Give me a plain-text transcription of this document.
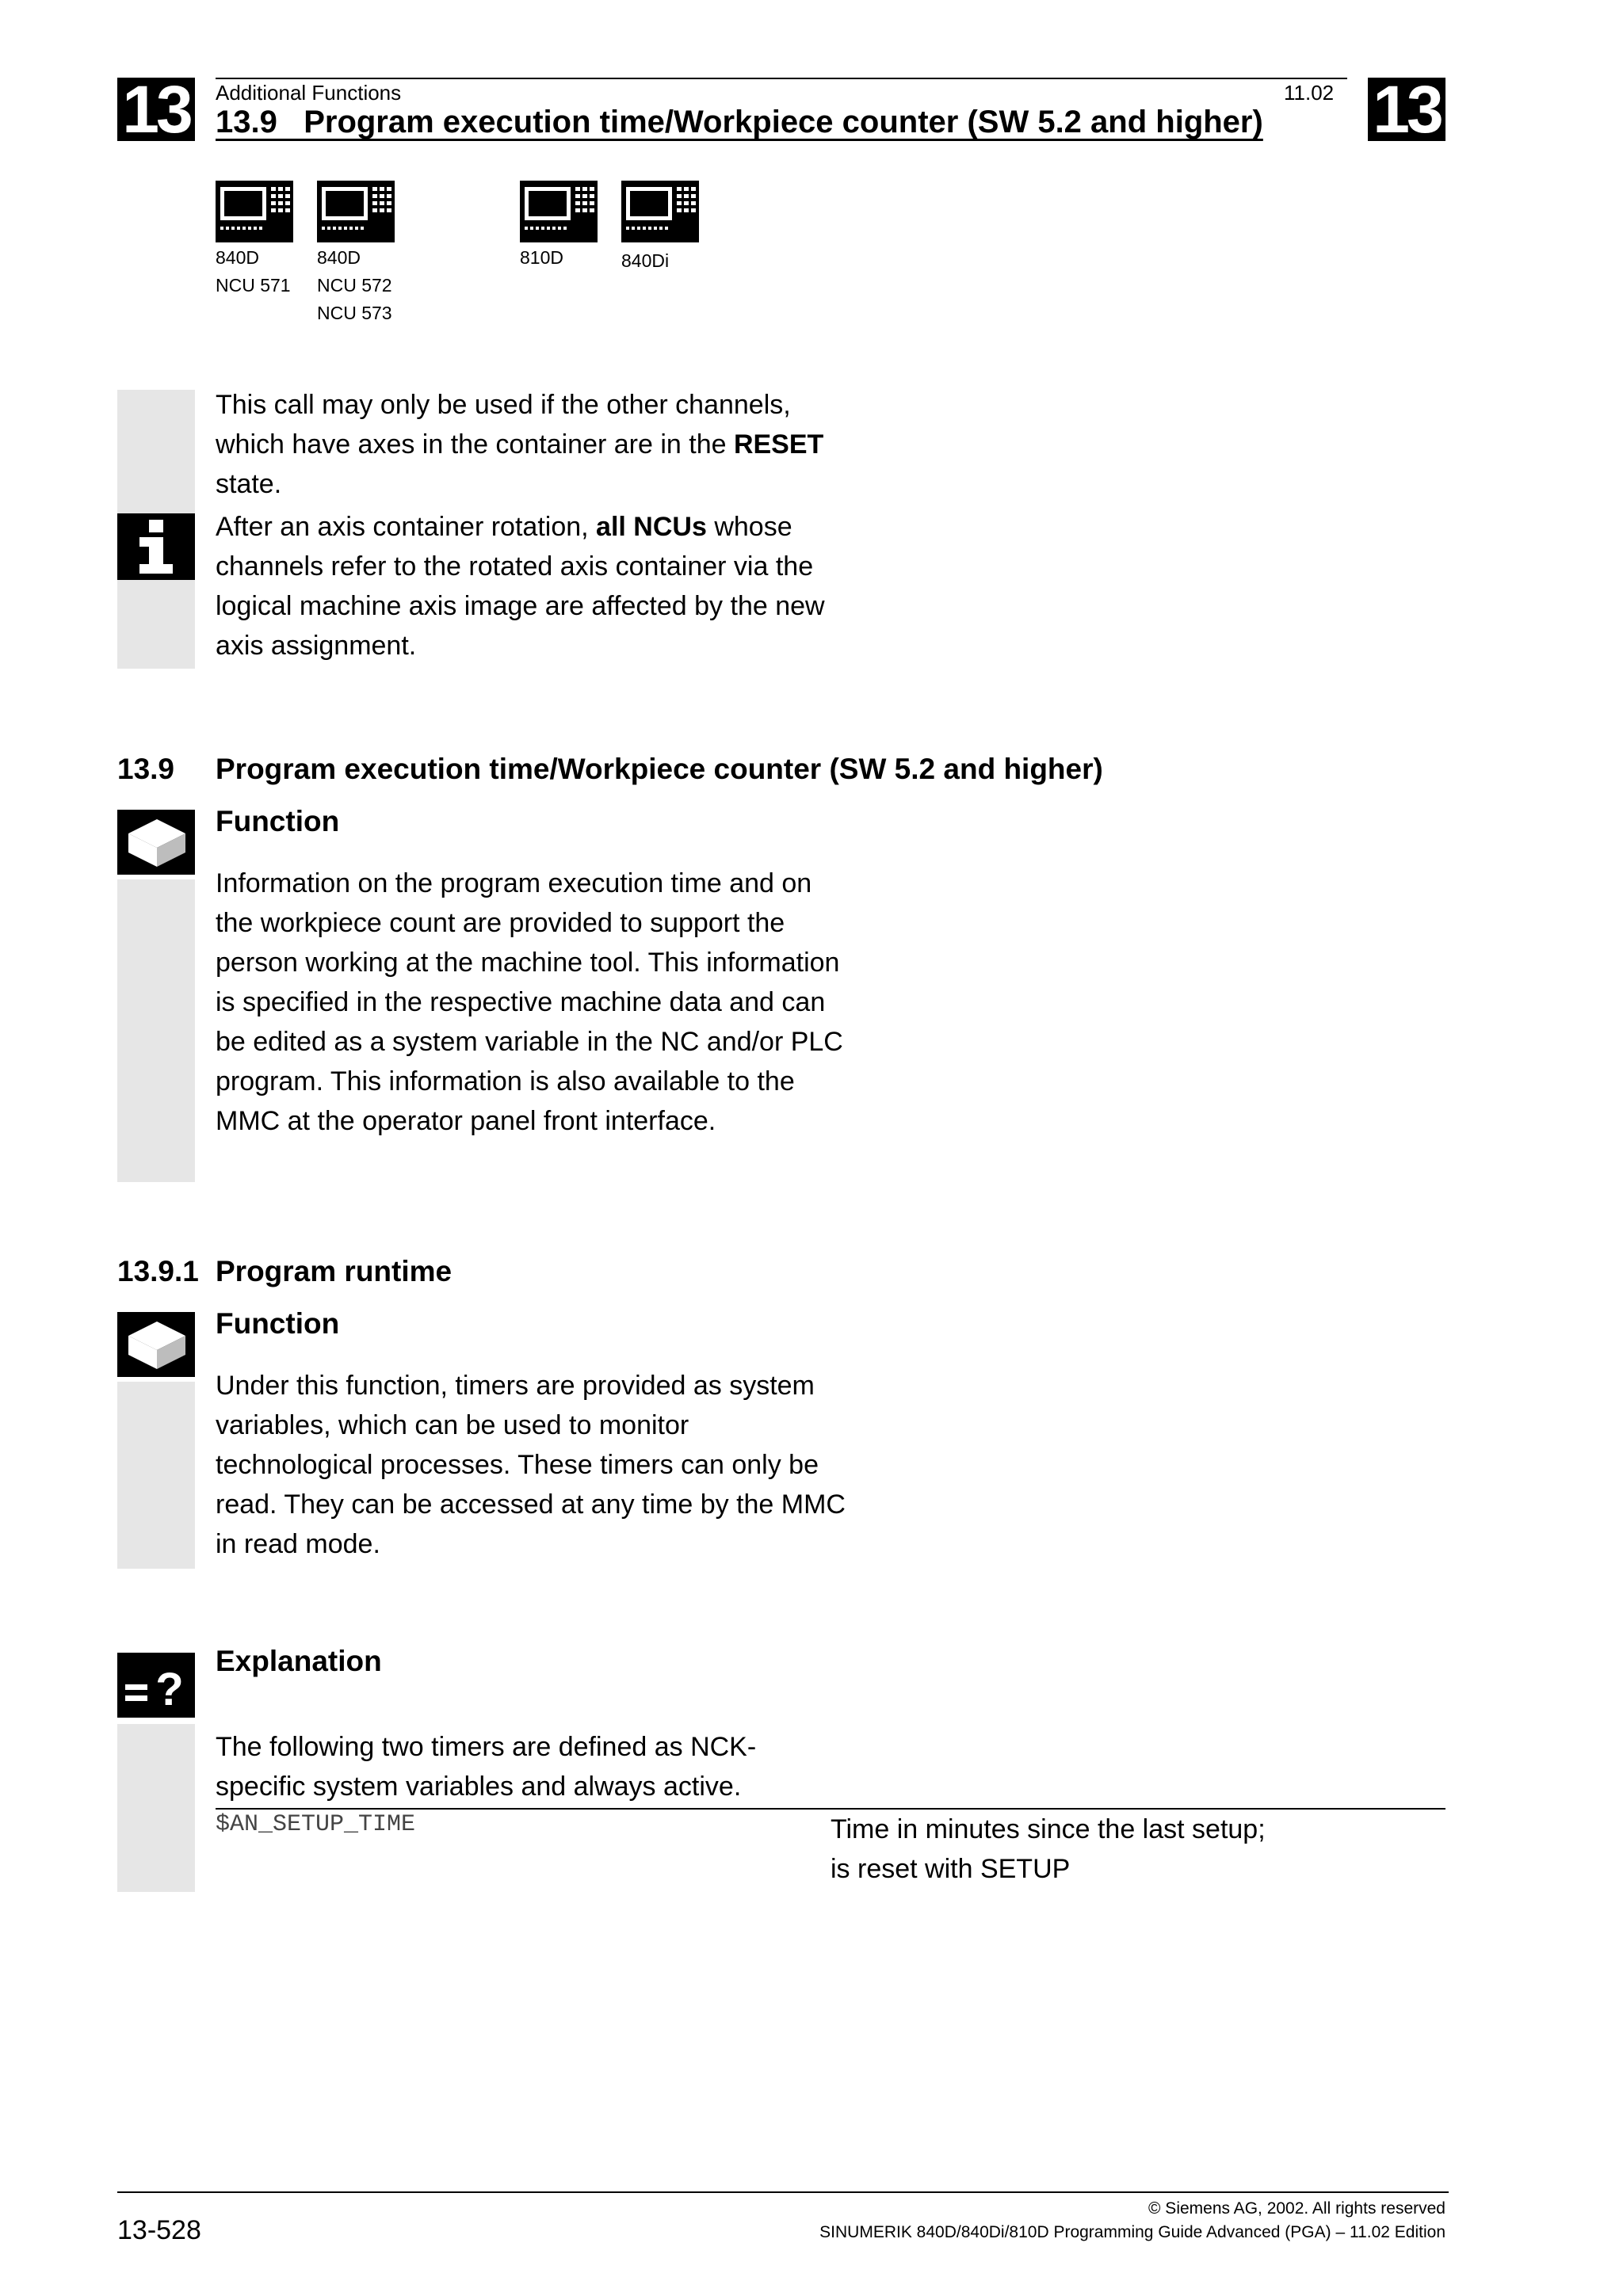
13	13
Additional Functions	11.02
13.9   Program execution time/Workpiece counter (SW 5.2 and higher)
840D
NCU 571
840D
NCU 572
NCU 573
810D	840Di
This call may only be used if the other channels, which have axes in the container are in the RESET state.
After an axis container rotation, all NCUs whose channels refer to the rotated axis container via the logical machine axis image are affected by the new axis assignment.
13.9 Program execution time/Workpiece counter (SW 5.2 and higher)
Function
Information on the program execution time and on the workpiece count are provided to support the person working at the machine tool. This information is specified in the respective machine data and can be edited as a system variable in the NC and/or PLC program. This information is also available to the MMC at the operator panel front interface.
13.9.1 Program runtime
Function
Under this function, timers are provided as system variables, which can be used to monitor technological processes. These timers can only be read. They can be accessed at any time by the MMC in read mode.
?
Explanation
The following two timers are defined as NCK-specific system variables and always active.
$AN_SETUP_TIME	Time in minutes since the last setup;
is reset with SETUP
13-528
© Siemens AG, 2002. All rights reserved
SINUMERIK 840D/840Di/810D Programming Guide Advanced (PGA) – 11.02 Edition
